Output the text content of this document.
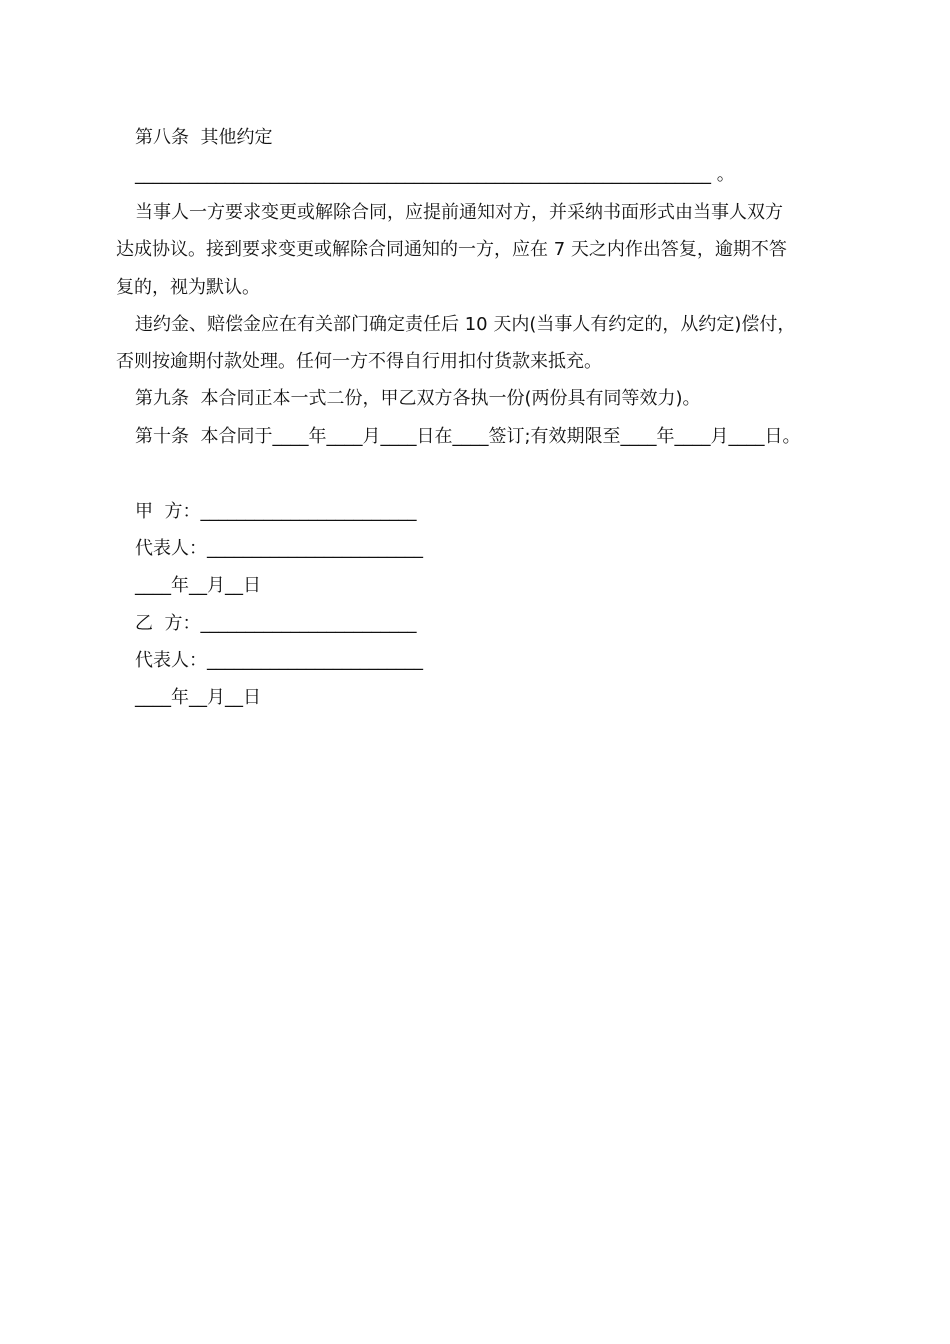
第八条  其他约定
________________________________________________________________ 。
当事人一方要求变更或解除合同，应提前通知对方，并采纳书面形式由当事人双方
达成协议。接到要求变更或解除合同通知的一方，应在 7 天之内作出答复，逾期不答
复的，视为默认。
违约金、赔偿金应在有关部门确定责任后 10 天内(当事人有约定的，从约定)偿付，
否则按逾期付款处理。任何一方不得自行用扣付货款来抵充。
第九条  本合同正本一式二份，甲乙双方各执一份(两份具有同等效力)。
第十条  本合同于____年____月____日在____签订;有效期限至____年____月____日。
甲  方：________________________
代表人：________________________
____年__月__日
乙  方：________________________
代表人：________________________
____年__月__日
